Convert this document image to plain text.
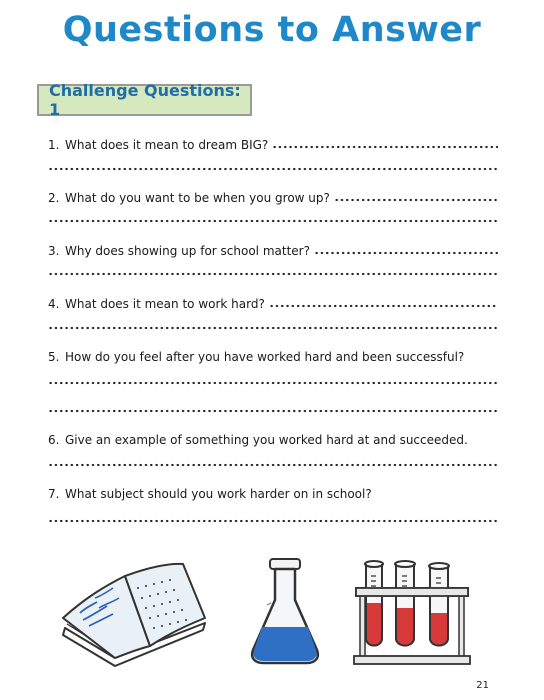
Questions to Answer
Challenge Questions: 1
1. What does it mean to dream BIG?
2. What do you want to be when you grow up?
3. Why does showing up for school matter?
4. What does it mean to work hard?
5. How do you feel after you have worked hard and been successful?
6. Give an example of something you worked hard at and succeeded.
7. What subject should you work harder on in school?
21
